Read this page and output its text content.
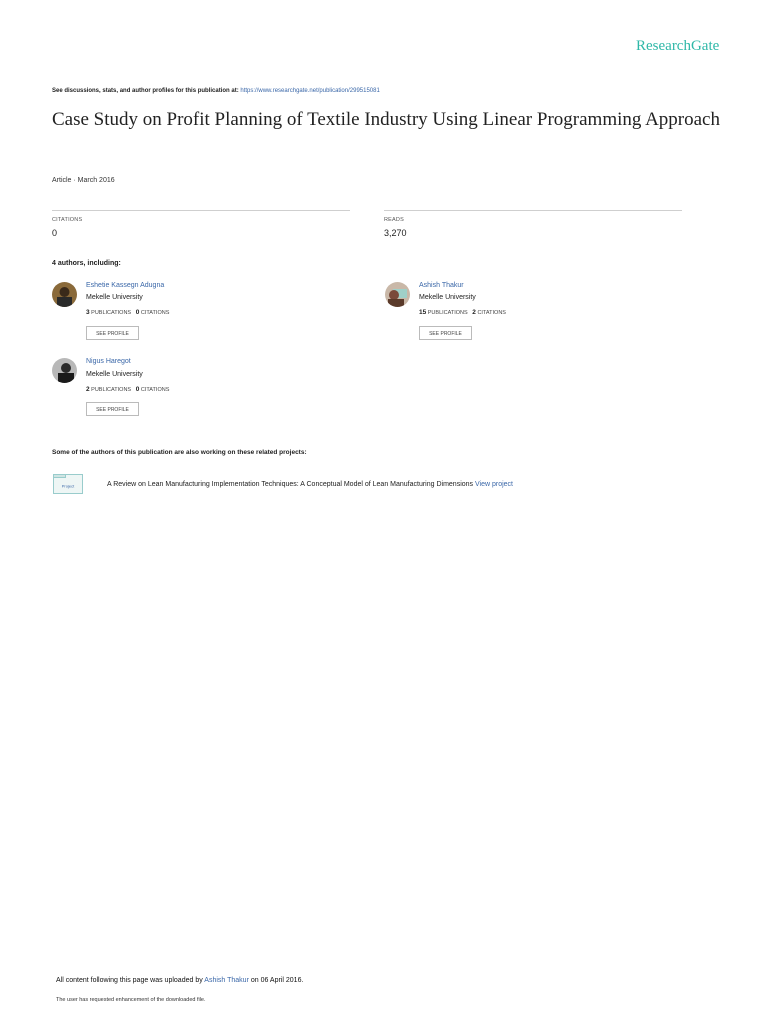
ResearchGate
See discussions, stats, and author profiles for this publication at: https://www.researchgate.net/publication/299515081
Case Study on Profit Planning of Textile Industry Using Linear Programming Approach
Article · March 2016
CITATIONS
0
READS
3,270
4 authors, including:
Eshetie Kassegn Adugna
Mekelle University
3 PUBLICATIONS 0 CITATIONS
SEE PROFILE
Ashish Thakur
Mekelle University
15 PUBLICATIONS 2 CITATIONS
SEE PROFILE
Nigus Haregot
Mekelle University
2 PUBLICATIONS 0 CITATIONS
SEE PROFILE
Some of the authors of this publication are also working on these related projects:
Project	A Review on Lean Manufacturing Implementation Techniques: A Conceptual Model of Lean Manufacturing Dimensions View project
All content following this page was uploaded by Ashish Thakur on 06 April 2016.
The user has requested enhancement of the downloaded file.
